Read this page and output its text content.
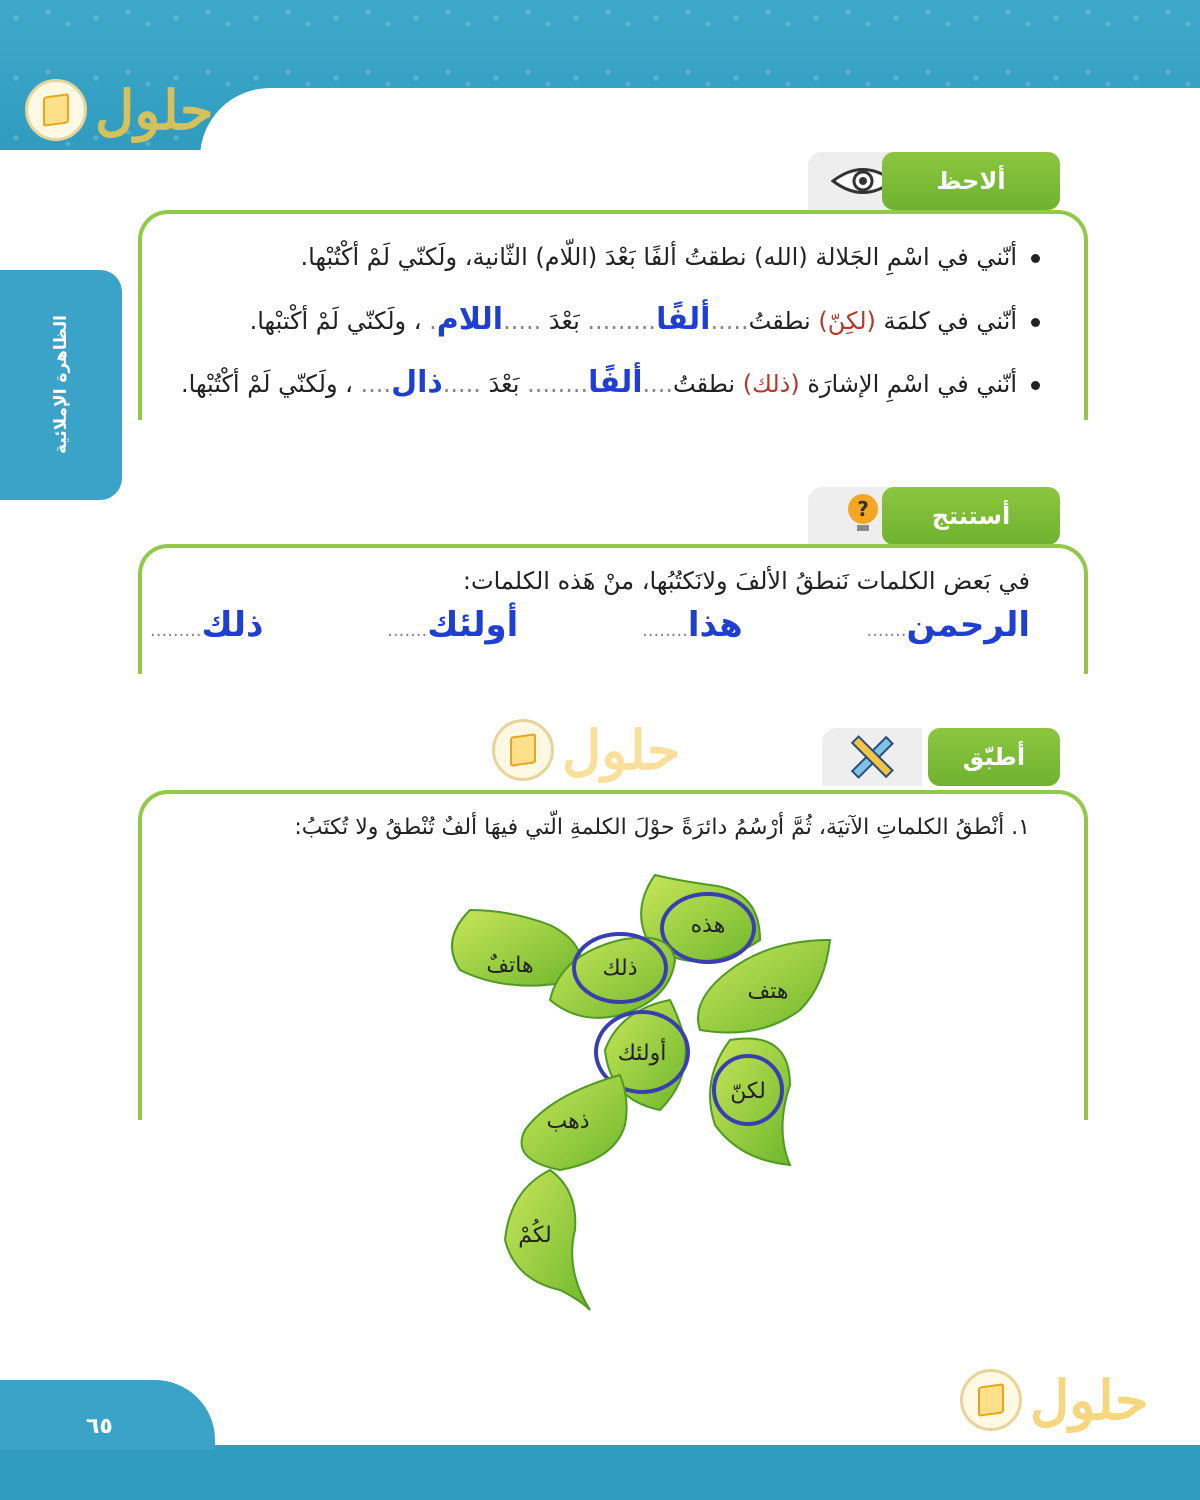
حلول
الظاهرة الإملائية
ألاحظ
أنّني في اسْمِ الجَلالة (الله) نطقتُ ألفًا بَعْدَ (اللّام) الثّانية، ولَكنّي لَمْ أكْتُبْها.
أنّني في كلمَة (لكِنّ) نطقتُ.....ألفًا......... بَعْدَ .....اللام. ، ولَكنّي لَمْ أكْتبْها.
أنّني في اسْمِ الإشارَة (ذلك) نطقتُ....ألفًا........ بَعْدَ .....ذال.... ، ولَكنّي لَمْ أكْتُبْها.
?	أستنتج
في بَعض الكلمات نَنطقُ الألفَ ولانَكتُبُها، منْ هَذه الكلمات:
الرحمن.......
هذا........
أولئك.......
ذلك.........
حلول	أطبّق
١. أنْطقُ الكلماتِ الآتيَة، ثُمَّ أرْسُمُ دائرَةً حوْلَ الكلمةِ الّتي فيهَا ألفٌ تُنْطقُ ولا تُكتَبُ:
هذه
هاتفٌ	ذلك
هتف
أولئك
لكنّ
ذهب
لكُمْ
حلول
٦٥
